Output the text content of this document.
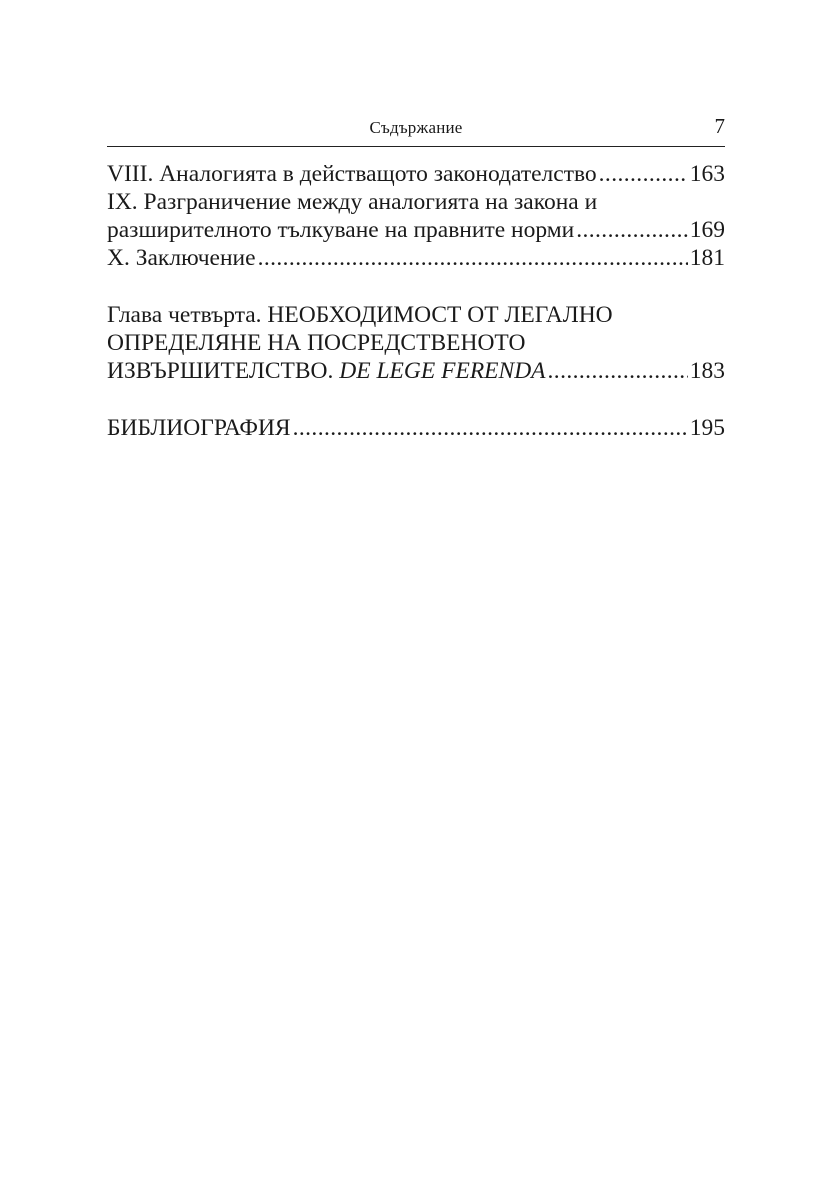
Съдържание	7
VIII. Аналогията в действащото законодателство .....	163
IX. Разграничение между аналогията на закона и
разширителното тълкуване на правните норми .....	169
X. Заключение .....	181
Глава четвърта. НЕОБХОДИМОСТ ОТ ЛЕГАЛНО
ОПРЕДЕЛЯНЕ НА ПОСРЕДСТВЕНОТО
ИЗВЪРШИТЕЛСТВО. DE LEGE FERENDA .....	183
БИБЛИОГРАФИЯ .....	195
